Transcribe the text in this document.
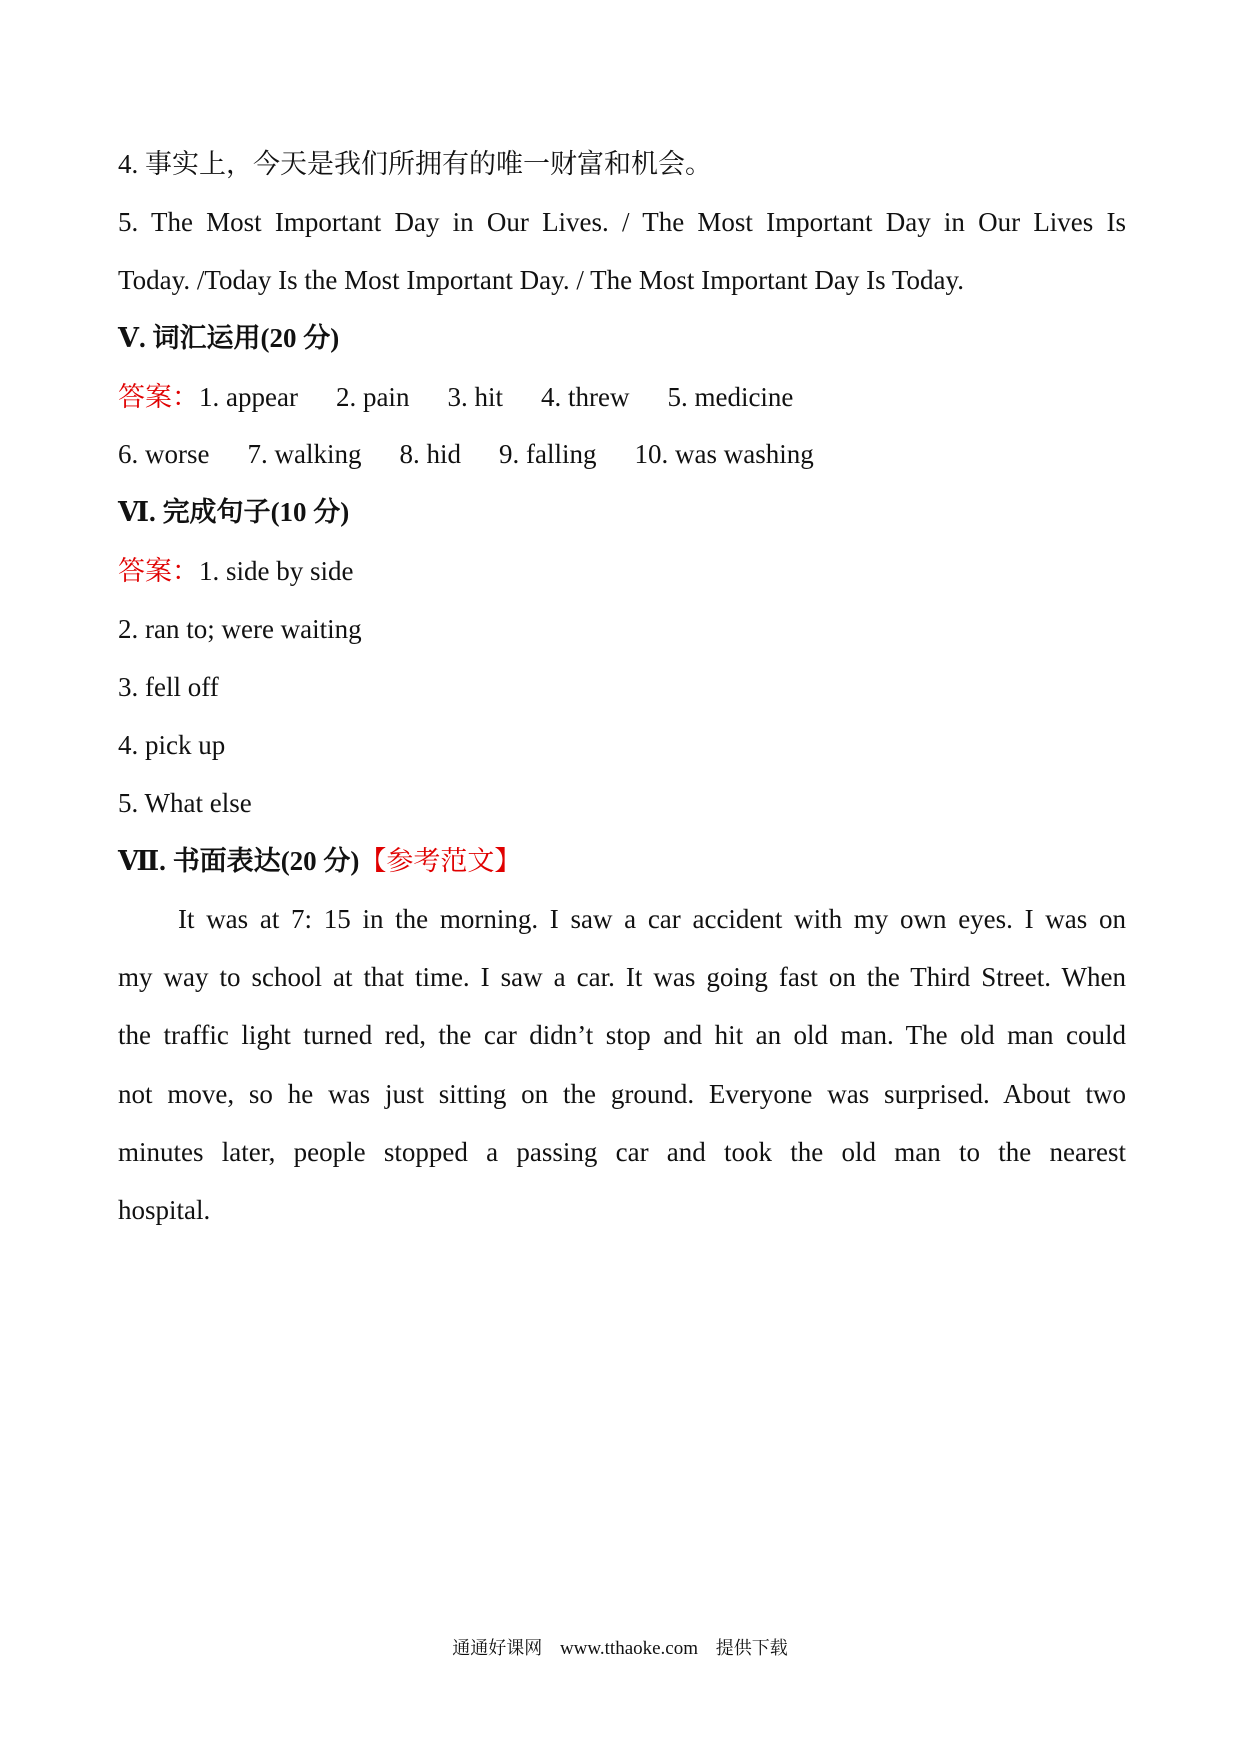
4. 事实上，今天是我们所拥有的唯一财富和机会。
5. The Most Important Day in Our Lives. / The Most Important Day in Our Lives Is
Today. /Today Is the Most Important Day. / The Most Important Day Is Today.
Ⅴ. 词汇运用(20 分)
答案：1. appear 2. pain 3. hit 4. threw 5. medicine
6. worse 7. walking 8. hid 9. falling 10. was washing
Ⅵ. 完成句子(10 分)
答案：1. side by side
2. ran to; were waiting
3. fell off
4. pick up
5. What else
Ⅶ. 书面表达(20 分)【参考范文】
It was at 7: 15 in the morning. I saw a car accident with my own eyes. I was on
my way to school at that time. I saw a car. It was going fast on the Third Street. When
the traffic light turned red, the car didn’t stop and hit an old man. The old man could
not move, so he was just sitting on the ground. Everyone was surprised. About two
minutes later, people stopped a passing car and took the old man to the nearest
hospital.
通通好课网 www.tthaoke.com 提供下载
